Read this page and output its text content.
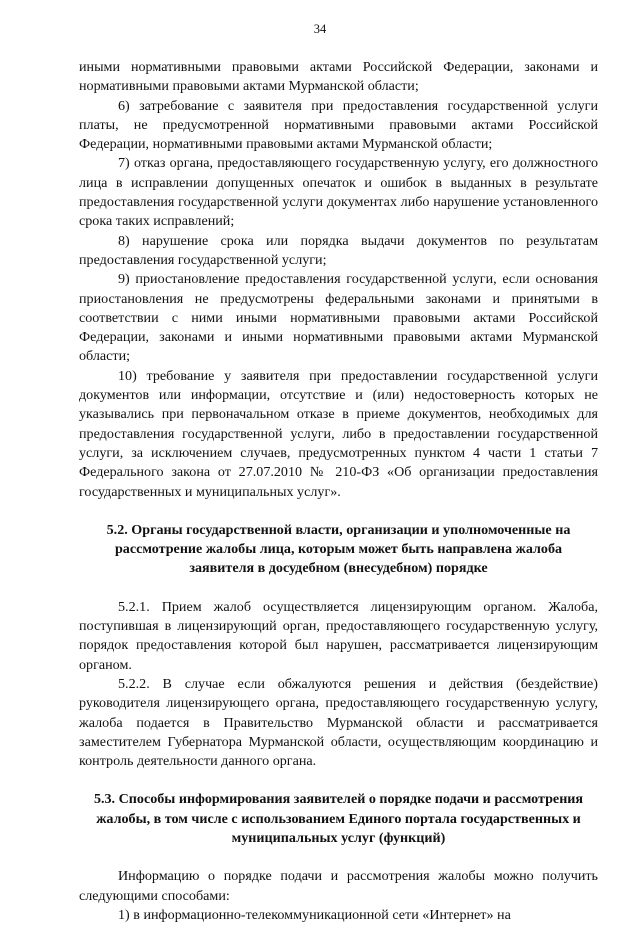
34

иными нормативными правовыми актами Российской Федерации, законами и нормативными правовыми актами Мурманской области;

6) затребование с заявителя при предоставления государственной услуги платы, не предусмотренной нормативными правовыми актами Российской Федерации, нормативными правовыми актами Мурманской области;

7) отказ органа, предоставляющего государственную услугу, его должностного лица в исправлении допущенных опечаток и ошибок в выданных в результате предоставления государственной услуги документах либо нарушение установленного срока таких исправлений;

8) нарушение срока или порядка выдачи документов по результатам предоставления государственной услуги;

9) приостановление предоставления государственной услуги, если основания приостановления не предусмотрены федеральными законами и принятыми в соответствии с ними иными нормативными правовыми актами Российской Федерации, законами и иными нормативными правовыми актами Мурманской области;

10) требование у заявителя при предоставлении государственной услуги документов или информации, отсутствие и (или) недостоверность которых не указывались при первоначальном отказе в приеме документов, необходимых для предоставления государственной услуги, либо в предоставлении государственной услуги, за исключением случаев, предусмотренных пунктом 4 части 1 статьи 7 Федерального закона от 27.07.2010 № 210-ФЗ «Об организации предоставления государственных и муниципальных услуг».

5.2. Органы государственной власти, организации и уполномоченные на рассмотрение жалобы лица, которым может быть направлена жалоба заявителя в досудебном (внесудебном) порядке

5.2.1. Прием жалоб осуществляется лицензирующим органом. Жалоба, поступившая в лицензирующий орган, предоставляющего государственную услугу, порядок предоставления которой был нарушен, рассматривается лицензирующим органом.

5.2.2. В случае если обжалуются решения и действия (бездействие) руководителя лицензирующего органа, предоставляющего государственную услугу, жалоба подается в Правительство Мурманской области и рассматривается заместителем Губернатора Мурманской области, осуществляющим координацию и контроль деятельности данного органа.

5.3. Способы информирования заявителей о порядке подачи и рассмотрения жалобы, в том числе с использованием Единого портала государственных и муниципальных услуг (функций)

Информацию о порядке подачи и рассмотрения жалобы можно получить следующими способами:

1) в информационно-телекоммуникационной сети «Интернет» на
